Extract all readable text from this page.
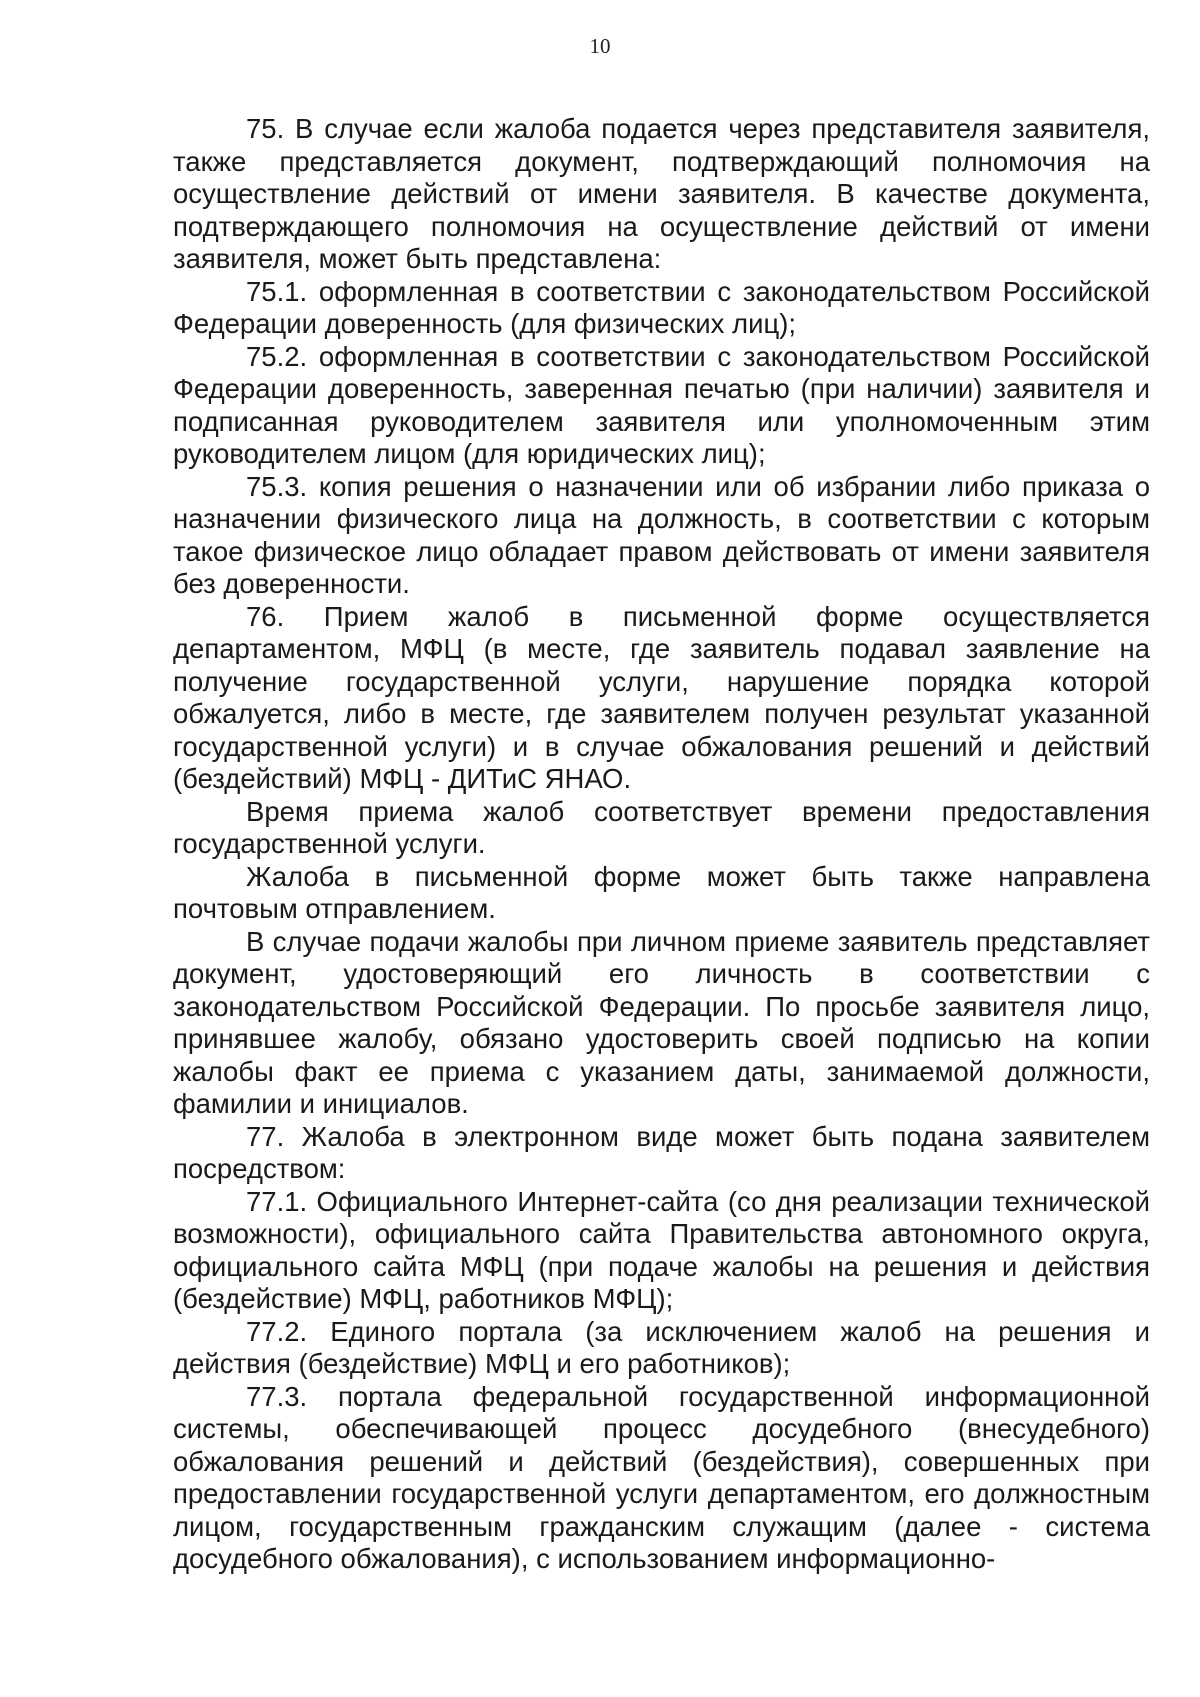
10

75. В случае если жалоба подается через представителя заявителя, также представляется документ, подтверждающий полномочия на осуществление действий от имени заявителя. В качестве документа, подтверждающего полномочия на осуществление действий от имени заявителя, может быть представлена:

75.1. оформленная в соответствии с законодательством Российской Федерации доверенность (для физических лиц);

75.2. оформленная в соответствии с законодательством Российской Федерации доверенность, заверенная печатью (при наличии) заявителя и подписанная руководителем заявителя или уполномоченным этим руководителем лицом (для юридических лиц);

75.3. копия решения о назначении или об избрании либо приказа о назначении физического лица на должность, в соответствии с которым такое физическое лицо обладает правом действовать от имени заявителя без доверенности.

76. Прием жалоб в письменной форме осуществляется департаментом, МФЦ (в месте, где заявитель подавал заявление на получение государственной услуги, нарушение порядка которой обжалуется, либо в месте, где заявителем получен результат указанной государственной услуги) и в случае обжалования решений и действий (бездействий) МФЦ - ДИТиС ЯНАО.

Время приема жалоб соответствует времени предоставления государственной услуги.

Жалоба в письменной форме может быть также направлена почтовым отправлением.

В случае подачи жалобы при личном приеме заявитель представляет документ, удостоверяющий его личность в соответствии с законодательством Российской Федерации. По просьбе заявителя лицо, принявшее жалобу, обязано удостоверить своей подписью на копии жалобы факт ее приема с указанием даты, занимаемой должности, фамилии и инициалов.

77. Жалоба в электронном виде может быть подана заявителем посредством:

77.1. Официального Интернет-сайта (со дня реализации технической возможности), официального сайта Правительства автономного округа, официального сайта МФЦ (при подаче жалобы на решения и действия (бездействие) МФЦ, работников МФЦ);

77.2. Единого портала (за исключением жалоб на решения и действия (бездействие) МФЦ и его работников);

77.3. портала федеральной государственной информационной системы, обеспечивающей процесс досудебного (внесудебного) обжалования решений и действий (бездействия), совершенных при предоставлении государственной услуги департаментом, его должностным лицом, государственным гражданским служащим (далее - система досудебного обжалования), с использованием информационно-
